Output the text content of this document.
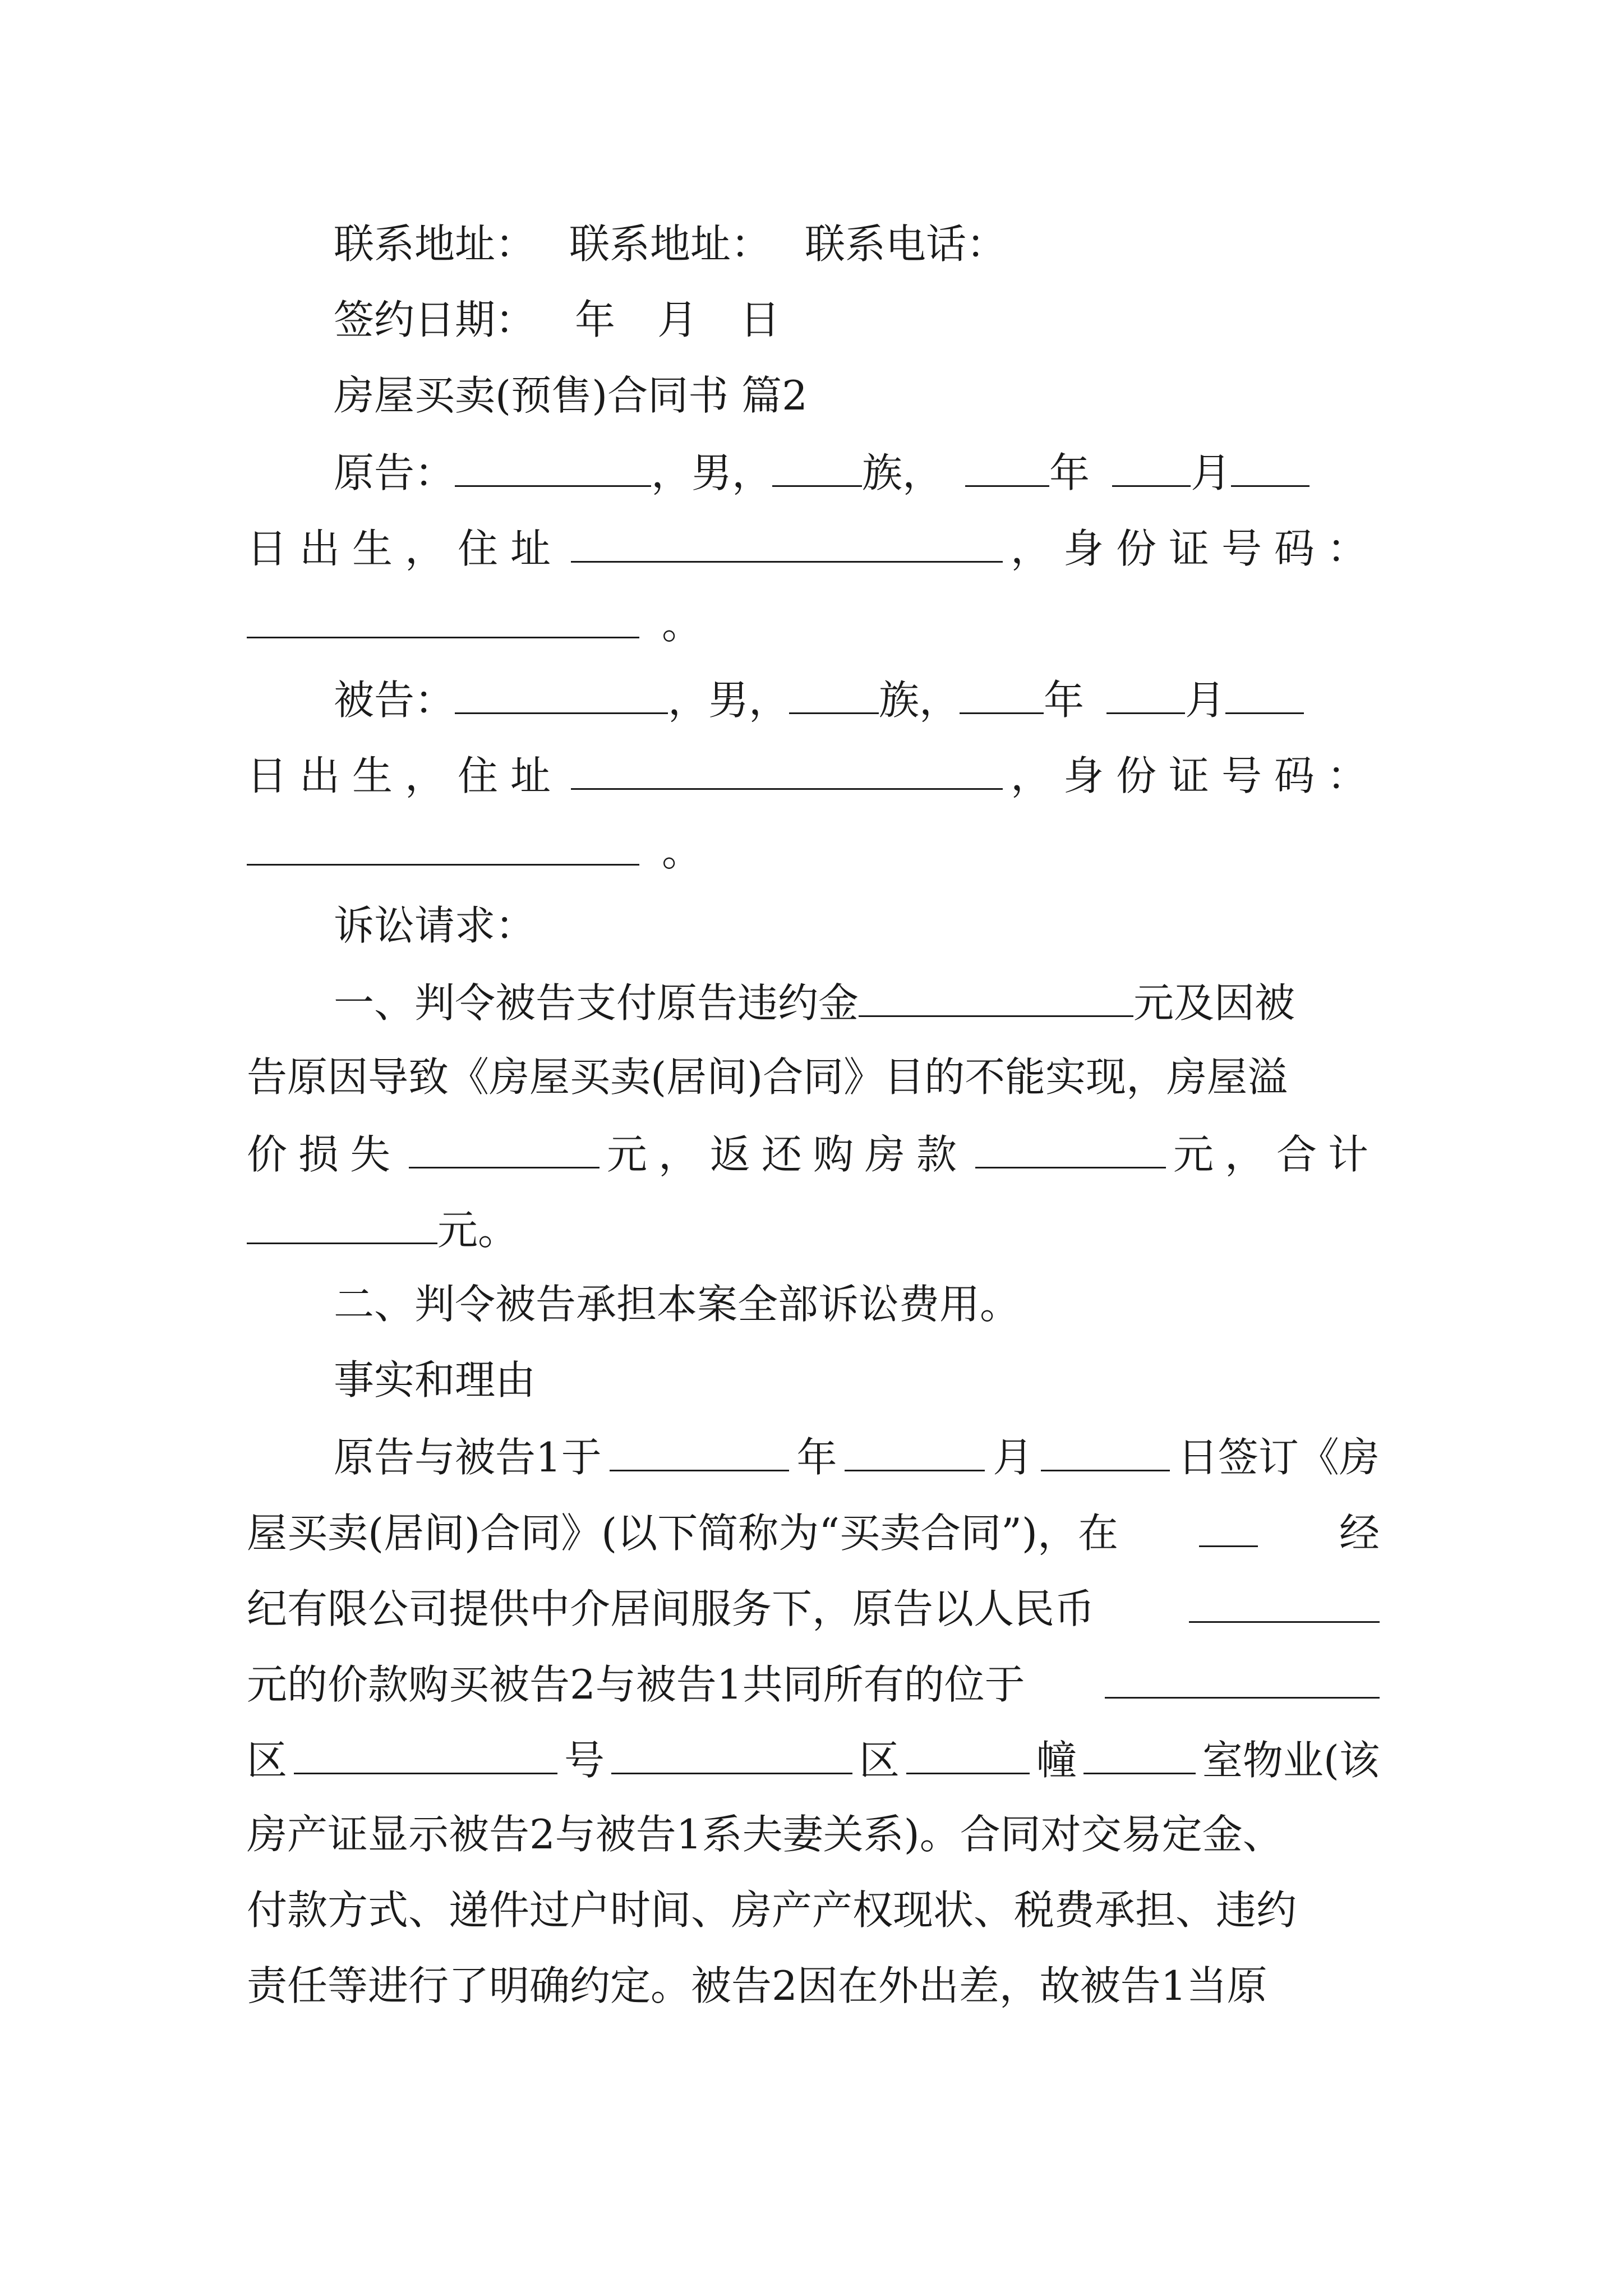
联系地址： 联系地址： 联系电话：
签约日期： 年 月 日
房屋买卖(预售)合同书 篇2
原告：	，男， 族，	年	月
日出生，住址	，身份证号码：
。
被告：	，男， 族， 年	月
日出生，住址	，身份证号码：
。
诉讼请求：
一、判令被告支付原告违约金	元及因被
告原因导致《房屋买卖(居间)合同》目的不能实现，房屋溢
价损失	元，返还购房款	元，合计
元。
二、判令被告承担本案全部诉讼费用。
事实和理由
原告与被告1于	年	月	日签订《房
屋买卖(居间)合同》(以下简称为“买卖合同”)，在	经
纪有限公司提供中介居间服务下，原告以人民币
元的价款购买被告2与被告1共同所有的位于
区	号	区	幢	室物业(该
房产证显示被告2与被告1系夫妻关系)。合同对交易定金、
付款方式、递件过户时间、房产产权现状、税费承担、违约
责任等进行了明确约定。被告2因在外出差，故被告1当原
